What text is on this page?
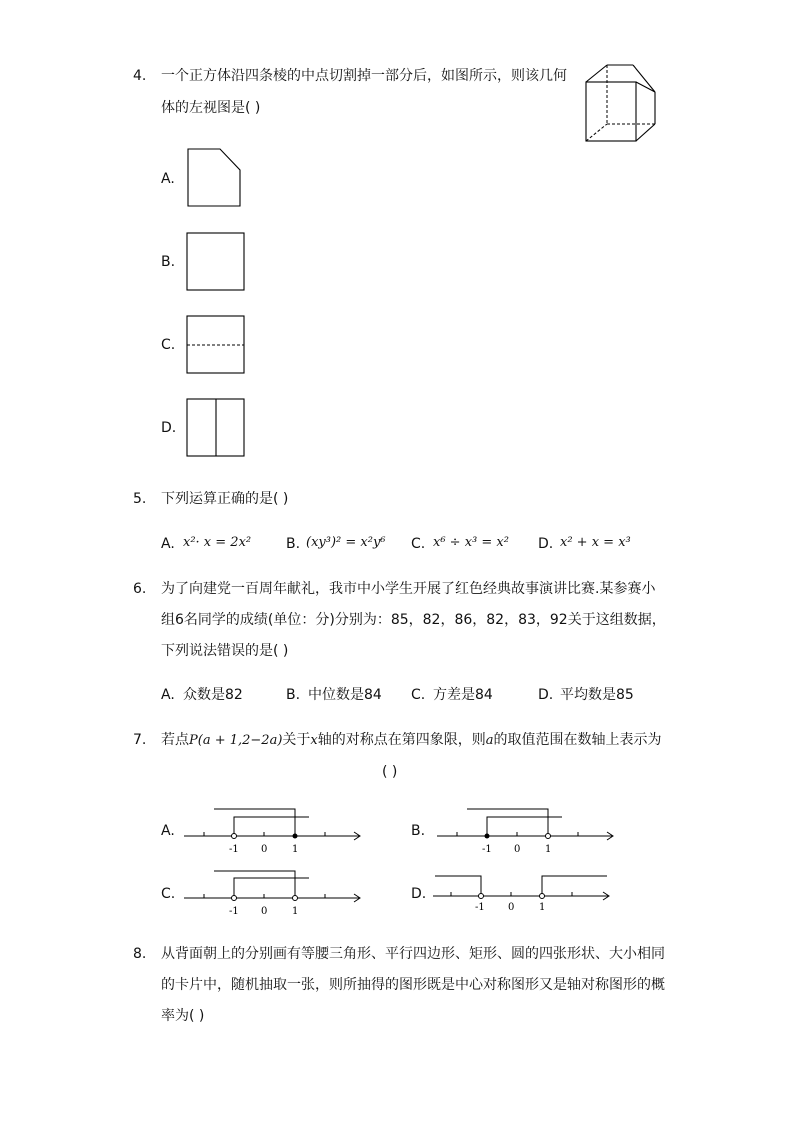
4. 一个正方体沿四条棱的中点切割掉一部分后，如图所示，则该几何
体的左视图是( )
A.
B.
C.
D.
5. 下列运算正确的是( )
A. x²· x = 2x² B. (xy³)² = x²y⁶ C. x⁶ ÷ x³ = x² D. x² + x = x³
6. 为了向建党一百周年献礼，我市中小学生开展了红色经典故事演讲比赛.某参赛小
组6名同学的成绩(单位：分)分别为：85，82，86，82，83，92关于这组数据，
下列说法错误的是( )
A. 众数是82	B. 中位数是84 C. 方差是84	D. 平均数是85
7. 若点P(a + 1,2−2a)关于x轴的对称点在第四象限，则a的取值范围在数轴上表示为
( )
A.
-1 0 1
B.
-1 0 1
C.
-1 0 1
D.
-1 0 1
8. 从背面朝上的分别画有等腰三角形、平行四边形、矩形、圆的四张形状、大小相同
的卡片中，随机抽取一张，则所抽得的图形既是中心对称图形又是轴对称图形的概
率为( )
